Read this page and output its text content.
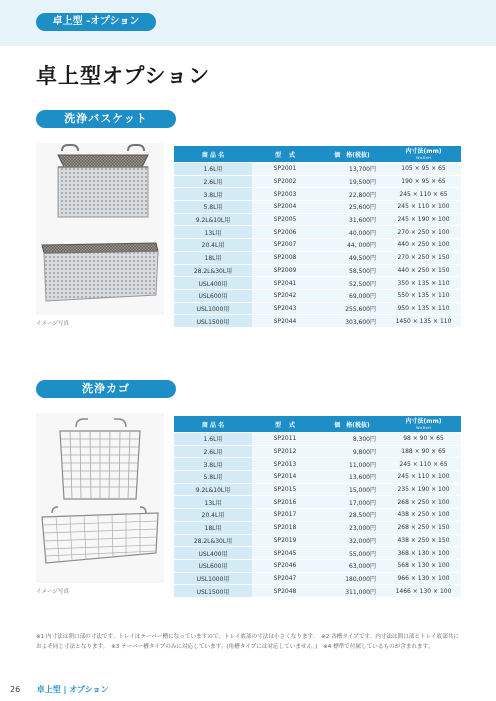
卓上型 -オプション
卓上型オプション
洗浄バスケット
イメージ写真
商 品 名	型　 式	価　格(税抜)	内寸法(mm)
W×D×H

1.6L用	SP2001	13,700円	105 × 95 × 65
2.6L用	SP2002	19,500円	190 × 95 × 65
3.8L用	SP2003	22,800円	245 × 110 × 65
5.8L用	SP2004	25,600円	245 × 110 × 100
9.2L&10L用	SP2005	31,600円	245 × 190 × 100
13L用	SP2006	40,000円	270 × 250 × 100
20.4L用	SP2007	44, 000円	440 × 250 × 100
18L用	SP2008	49,500円	270 × 250 × 150
28.2L&30L用	SP2009	58,500円	440 × 250 × 150
USL400用	SP2041	52,500円	350 × 135 × 110
USL600用	SP2042	69,000円	550 × 135 × 110
USL1000用	SP2043	255,600円	950 × 135 × 110
USL1500用	SP2044	303,600円	1450 × 135 × 110
洗浄カゴ
イメージ写真
商 品 名	型　 式	価　格(税抜)	内寸法(mm)
W×D×H

1.6L用	SP2011	8,300円	98 × 90 × 65
2.6L用	SP2012	9,800円	188 × 90 × 65
3.8L用	SP2013	11,000円	245 × 110 × 65
5.8L用	SP2014	13,600円	245 × 110 × 100
9.2L&10L用	SP2015	15,000円	235 × 190 × 100
13L用	SP2016	17,000円	268 × 250 × 100
20.4L用	SP2017	28,500円	438 × 250 × 100
18L用	SP2018	23,000円	268 × 250 × 150
28.2L&30L用	SP2019	32,000円	438 × 250 × 150
USL400用	SP2045	55,000円	368 × 130 × 100
USL600用	SP2046	63,000円	568 × 130 × 100
USL1000用	SP2047	180,000円	966 × 130 × 100
USL1500用	SP2048	311,000円	1466 × 130 × 100

※1 内寸法は開口部の寸法です。トレイはテーパー槽になっていますので、トレイ底部の寸法は小さくなります。　※2 各槽タイプです。内寸法は開口部とトレイ底部共におよそ同じ寸法となります。　※3 テーパー槽タイプのみに対応しています。(角槽タイプには対応していません。)　※4 標準で付属しているものが含まれます。

26 卓上型 | オプション
